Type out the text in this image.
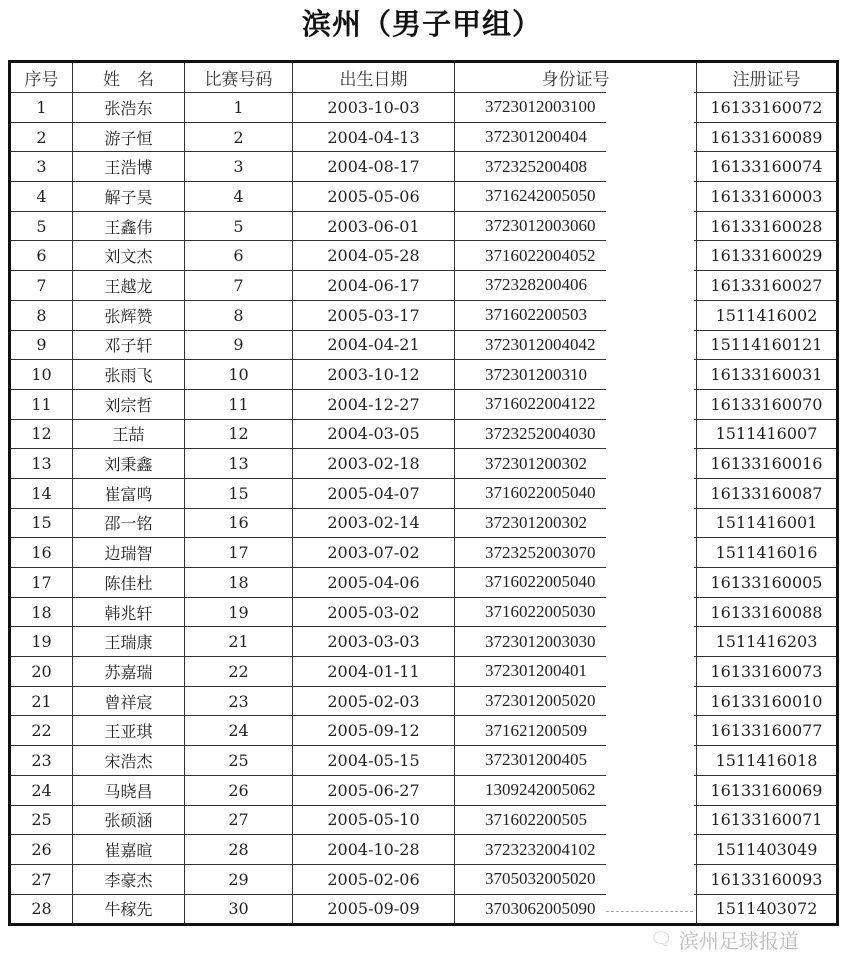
滨州（男子甲组）
序号	姓　名	比赛号码	出生日期	身份证号	注册证号
1	张浩东	1	2003-10-03	3723012003100	16133160072
2	游子恒	2	2004-04-13	372301200404	16133160089
3	王浩博	3	2004-08-17	372325200408	16133160074
4	解子昊	4	2005-05-06	3716242005050	16133160003
5	王鑫伟	5	2003-06-01	3723012003060	16133160028
6	刘文杰	6	2004-05-28	3716022004052	16133160029
7	王越龙	7	2004-06-17	372328200406	16133160027
8	张辉赞	8	2005-03-17	371602200503	1511416002
9	邓子轩	9	2004-04-21	3723012004042	15114160121
10	张雨飞	10	2003-10-12	372301200310	16133160031
11	刘宗哲	11	2004-12-27	3716022004122	16133160070
12	王喆	12	2004-03-05	3723252004030	1511416007
13	刘秉鑫	13	2003-02-18	372301200302	16133160016
14	崔富鸣	15	2005-04-07	3716022005040	16133160087
15	邵一铭	16	2003-02-14	372301200302	1511416001
16	边瑞智	17	2003-07-02	3723252003070	1511416016
17	陈佳杜	18	2005-04-06	3716022005040	16133160005
18	韩兆轩	19	2005-03-02	3716022005030	16133160088
19	王瑞康	21	2003-03-03	3723012003030	1511416203
20	苏嘉瑞	22	2004-01-11	372301200401	16133160073
21	曾祥宸	23	2005-02-03	3723012005020	16133160010
22	王亚琪	24	2005-09-12	371621200509	16133160077
23	宋浩杰	25	2004-05-15	372301200405	1511416018
24	马晓昌	26	2005-06-27	1309242005062	16133160069
25	张硕涵	27	2005-05-10	371602200505	16133160071
26	崔嘉暄	28	2004-10-28	3723232004102	1511403049
27	李豪杰	29	2005-02-06	3705032005020	16133160093
28	牛稼先	30	2005-09-09	3703062005090	1511403072
🗨 滨州足球报道
